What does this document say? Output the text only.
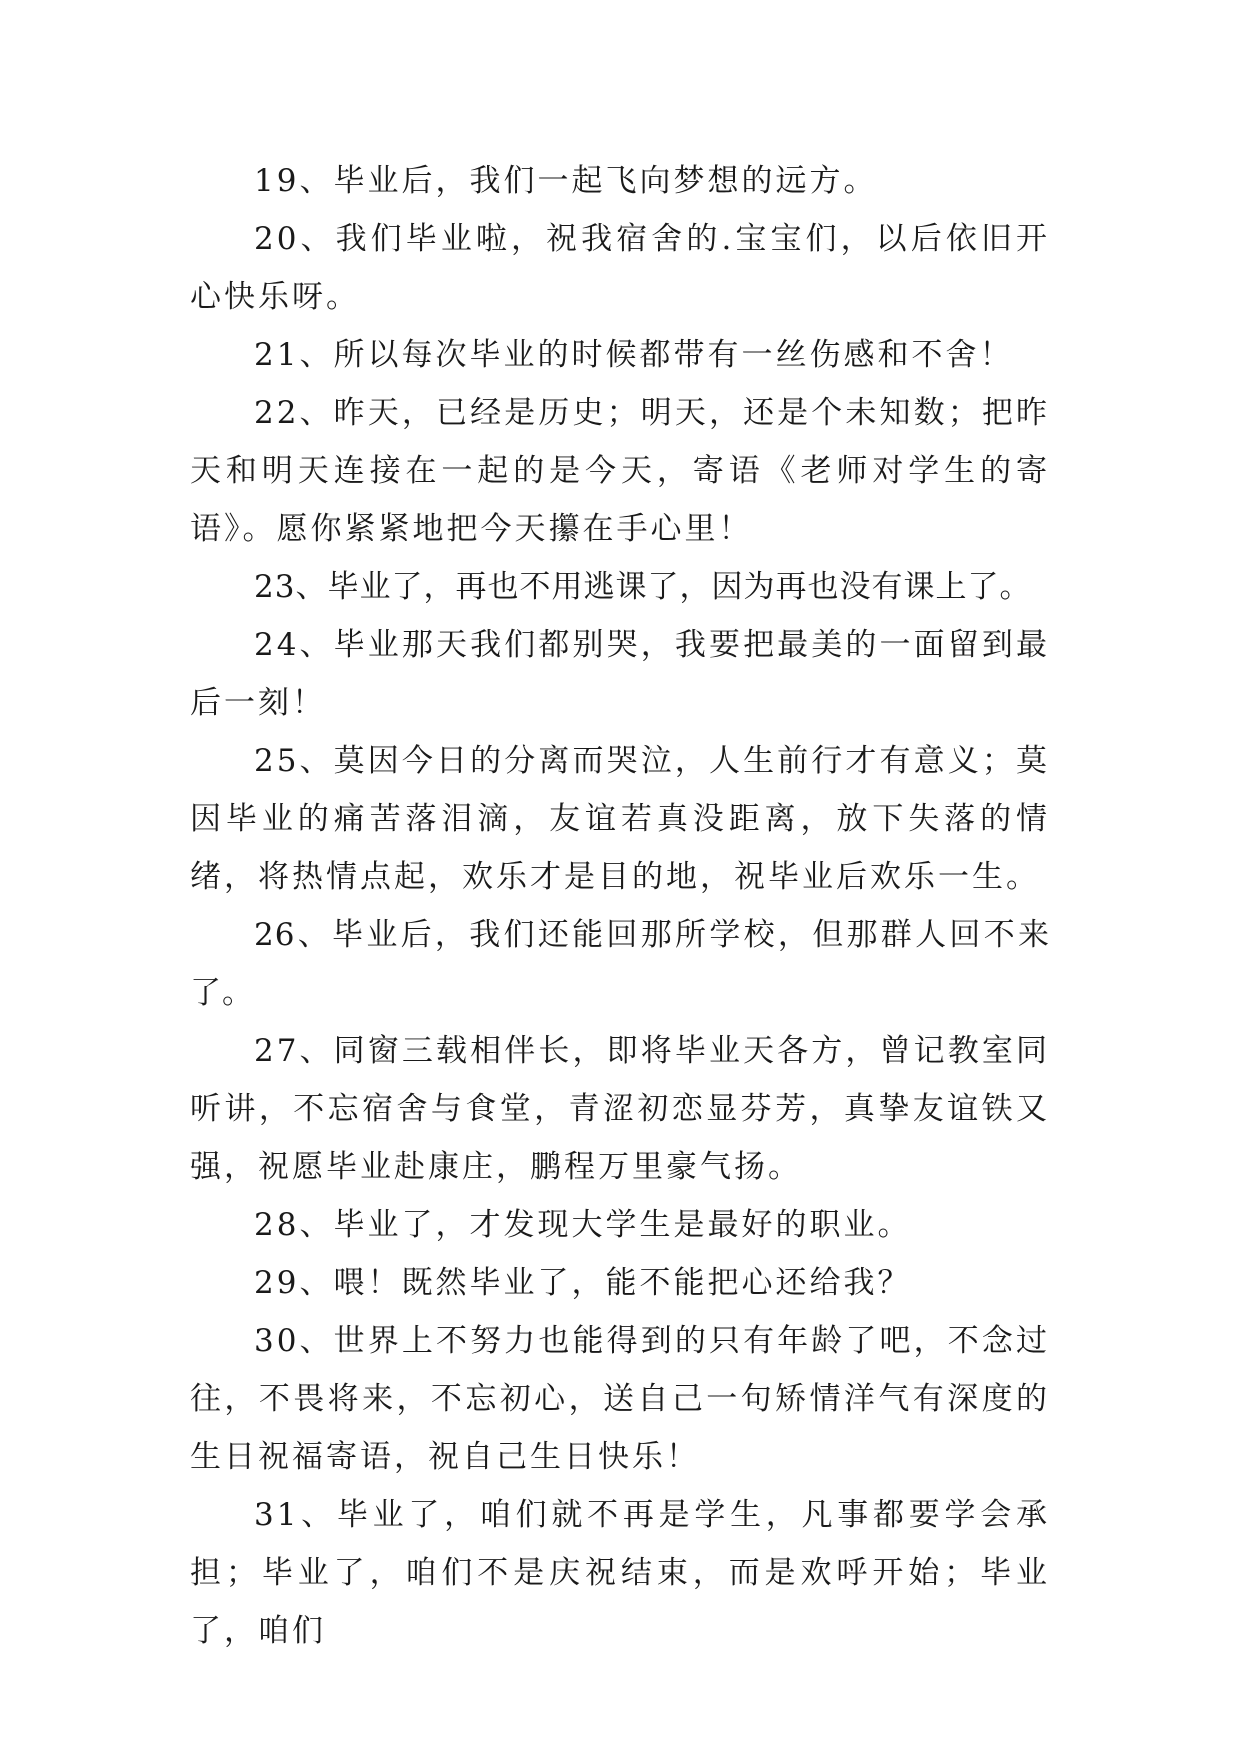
19、毕业后，我们一起飞向梦想的远方。

20、我们毕业啦，祝我宿舍的.宝宝们，以后依旧开心快乐呀。

21、所以每次毕业的时候都带有一丝伤感和不舍！

22、昨天，已经是历史；明天，还是个未知数；把昨天和明天连接在一起的是今天，寄语《老师对学生的寄语》。愿你紧紧地把今天攥在手心里！

23、毕业了，再也不用逃课了，因为再也没有课上了。

24、毕业那天我们都别哭，我要把最美的一面留到最后一刻！

25、莫因今日的分离而哭泣，人生前行才有意义；莫因毕业的痛苦落泪滴，友谊若真没距离，放下失落的情绪，将热情点起，欢乐才是目的地，祝毕业后欢乐一生。

26、毕业后，我们还能回那所学校，但那群人回不来了。

27、同窗三载相伴长，即将毕业天各方，曾记教室同听讲，不忘宿舍与食堂，青涩初恋显芬芳，真挚友谊铁又强，祝愿毕业赴康庄，鹏程万里豪气扬。

28、毕业了，才发现大学生是最好的职业。

29、喂！既然毕业了，能不能把心还给我？

30、世界上不努力也能得到的只有年龄了吧，不念过往，不畏将来，不忘初心，送自己一句矫情洋气有深度的生日祝福寄语，祝自己生日快乐！

31、毕业了，咱们就不再是学生，凡事都要学会承担；毕业了，咱们不是庆祝结束，而是欢呼开始；毕业了，咱们
